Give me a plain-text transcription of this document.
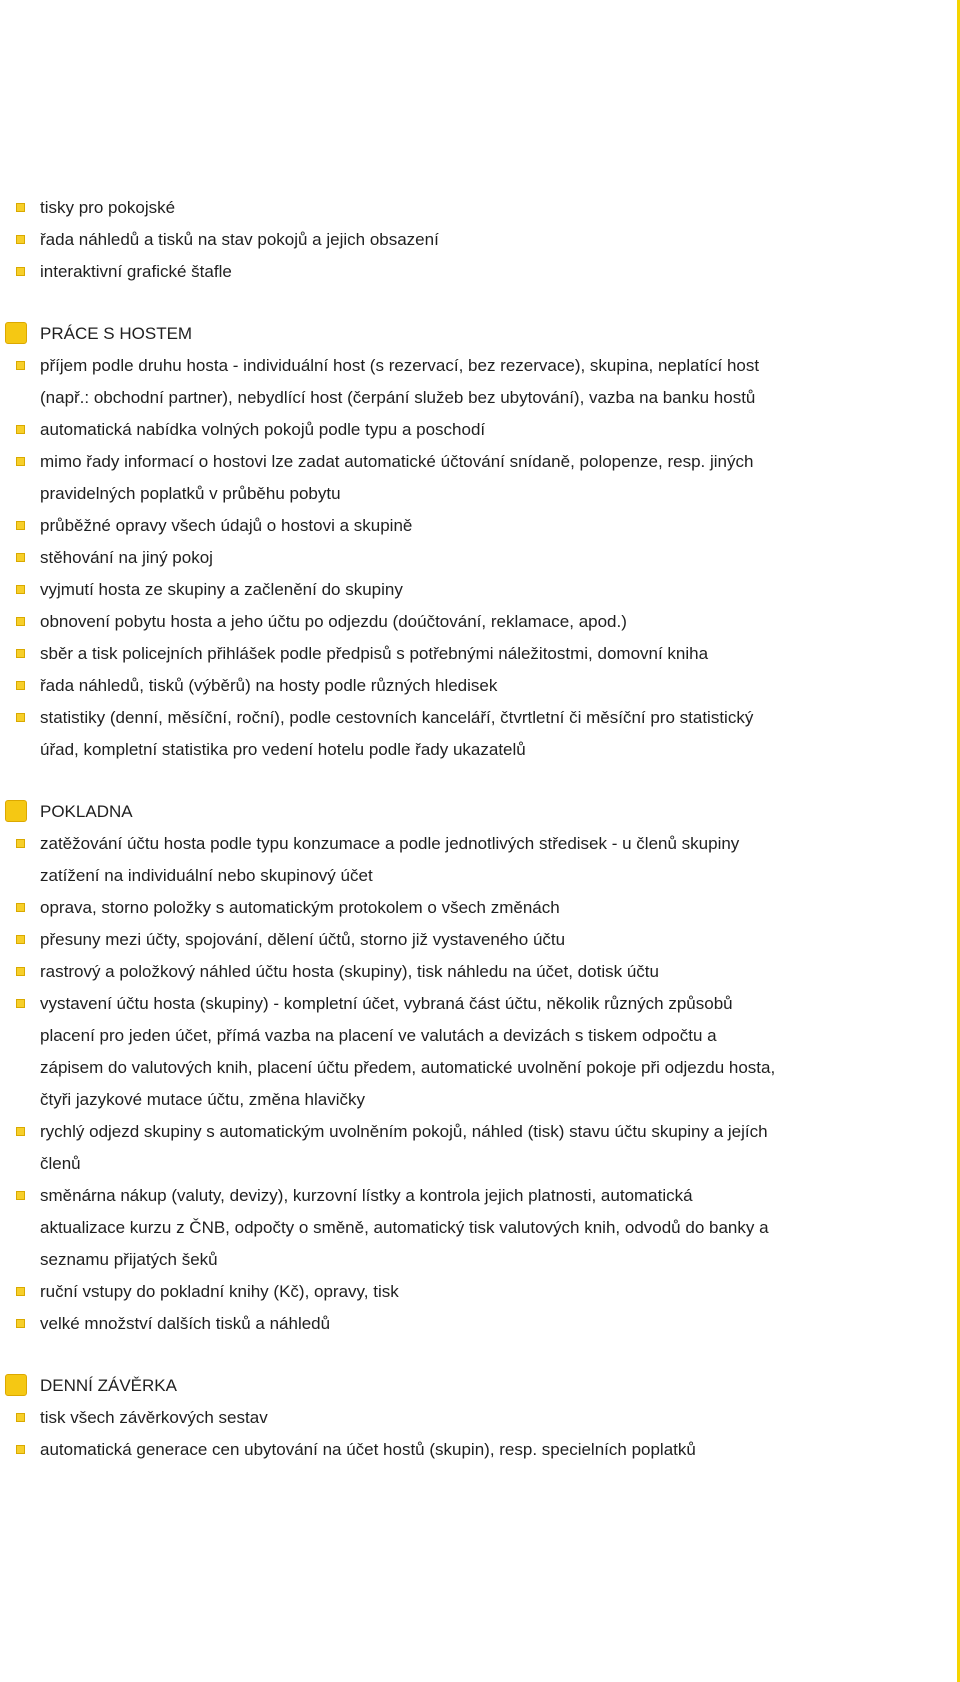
tisky pro pokojské
řada náhledů a tisků na stav pokojů a jejich obsazení
interaktivní grafické štafle
PRÁCE S HOSTEM
příjem podle druhu hosta - individuální host (s rezervací, bez rezervace), skupina, neplatící host (např.: obchodní partner), nebydlící host (čerpání služeb bez ubytování), vazba na banku hostů
automatická nabídka volných pokojů podle typu a poschodí
mimo řady informací o hostovi lze zadat automatické účtování snídaně, polopenze, resp. jiných pravidelných poplatků v průběhu pobytu
průběžné opravy všech údajů o hostovi a skupině
stěhování na jiný pokoj
vyjmutí hosta ze skupiny a začlenění do skupiny
obnovení pobytu hosta a jeho účtu po odjezdu (doúčtování, reklamace, apod.)
sběr a tisk policejních přihlášek podle předpisů s potřebnými náležitostmi, domovní kniha
řada náhledů, tisků (výběrů) na hosty podle různých hledisek
statistiky (denní, měsíční, roční), podle cestovních kanceláří, čtvrtletní či měsíční pro statistický úřad, kompletní statistika pro vedení hotelu podle řady ukazatelů
POKLADNA
zatěžování účtu hosta podle typu konzumace a podle jednotlivých středisek - u členů skupiny zatížení na individuální nebo skupinový účet
oprava, storno položky s automatickým protokolem o všech změnách
přesuny mezi účty, spojování, dělení účtů, storno již vystaveného účtu
rastrový a položkový náhled účtu hosta (skupiny), tisk náhledu na účet, dotisk účtu
vystavení účtu hosta (skupiny) - kompletní účet, vybraná část účtu, několik různých způsobů placení pro jeden účet, přímá vazba na placení ve valutách a devizách s tiskem odpočtu a zápisem do valutových knih, placení účtu předem, automatické uvolnění pokoje při odjezdu hosta, čtyři jazykové mutace účtu, změna hlavičky
rychlý odjezd skupiny s automatickým uvolněním pokojů, náhled (tisk) stavu účtu skupiny a jejích členů
směnárna nákup (valuty, devizy), kurzovní lístky a kontrola jejich platnosti, automatická aktualizace kurzu z ČNB, odpočty o směně, automatický tisk valutových knih, odvodů do banky a seznamu přijatých šeků
ruční vstupy do pokladní knihy (Kč), opravy, tisk
velké množství dalších tisků a náhledů
DENNÍ ZÁVĚRKA
tisk všech závěrkových sestav
automatická generace cen ubytování na účet hostů (skupin), resp. specielních poplatků
